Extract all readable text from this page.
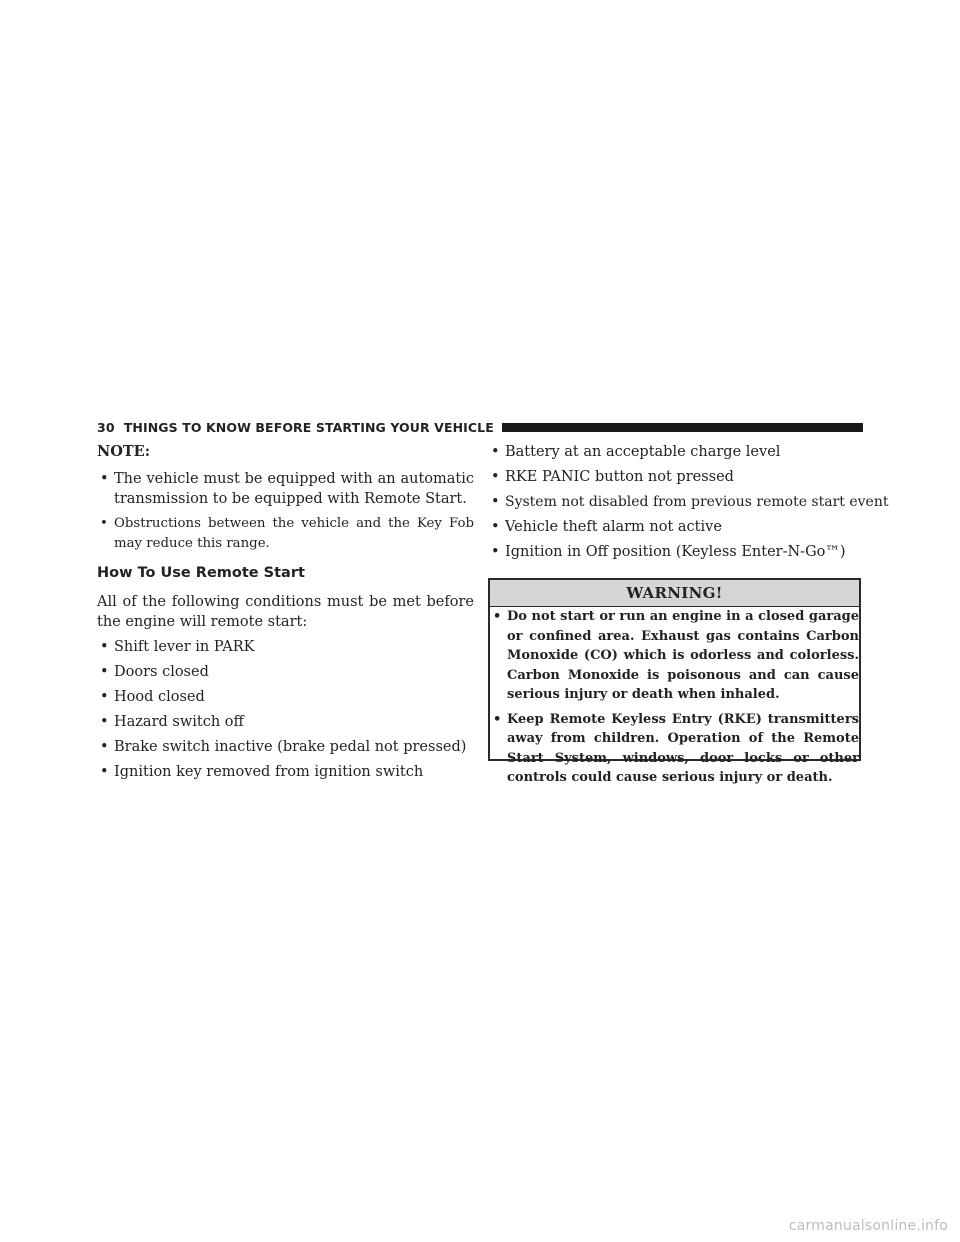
30 THINGS TO KNOW BEFORE STARTING YOUR VEHICLE
NOTE:
• The vehicle must be equipped with an automatic transmission to be equipped with Remote Start.
• Obstructions between the vehicle and the Key Fob may reduce this range.
How To Use Remote Start
All of the following conditions must be met before the engine will remote start:
• Shift lever in PARK
• Doors closed
• Hood closed
• Hazard switch off
• Brake switch inactive (brake pedal not pressed)
• Ignition key removed from ignition switch
• Battery at an acceptable charge level
• RKE PANIC button not pressed
• System not disabled from previous remote start event
• Vehicle theft alarm not active
• Ignition in Off position (Keyless Enter-N-Go™)
WARNING!
• Do not start or run an engine in a closed garage or confined area. Exhaust gas contains Carbon Monoxide (CO) which is odorless and colorless. Carbon Monoxide is poisonous and can cause serious injury or death when inhaled.
• Keep Remote Keyless Entry (RKE) transmitters away from children. Operation of the Remote Start System, windows, door locks or other controls could cause serious injury or death.
carmanualsonline.info
